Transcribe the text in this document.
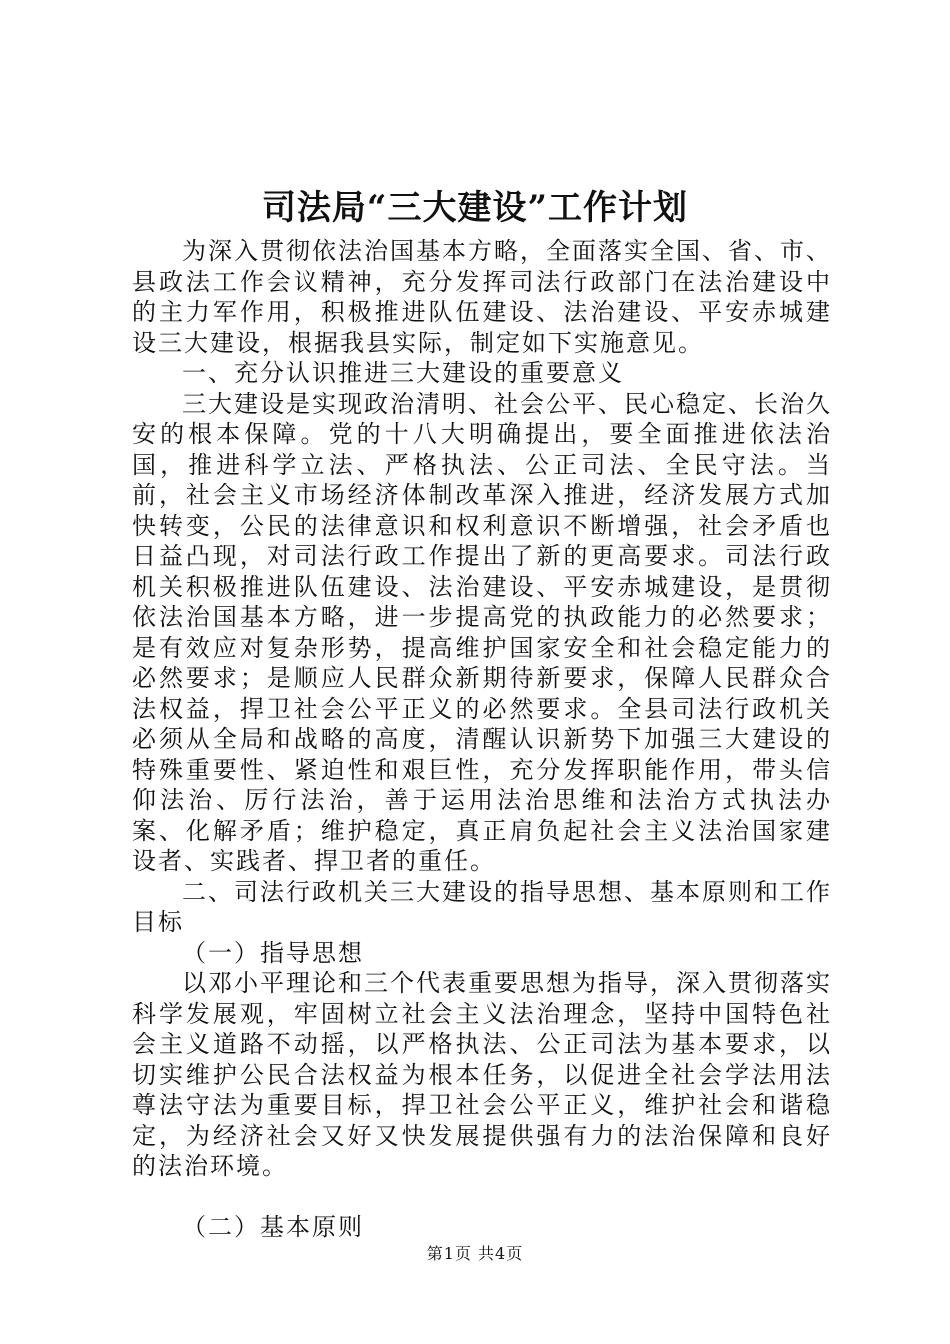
司法局“三大建设”工作计划

为深入贯彻依法治国基本方略，全面落实全国、省、市、县政法工作会议精神，充分发挥司法行政部门在法治建设中的主力军作用，积极推进队伍建设、法治建设、平安赤城建设三大建设，根据我县实际，制定如下实施意见。

一、充分认识推进三大建设的重要意义

三大建设是实现政治清明、社会公平、民心稳定、长治久安的根本保障。党的十八大明确提出，要全面推进依法治国，推进科学立法、严格执法、公正司法、全民守法。当前，社会主义市场经济体制改革深入推进，经济发展方式加快转变，公民的法律意识和权利意识不断增强，社会矛盾也日益凸现，对司法行政工作提出了新的更高要求。司法行政机关积极推进队伍建设、法治建设、平安赤城建设，是贯彻依法治国基本方略，进一步提高党的执政能力的必然要求；是有效应对复杂形势，提高维护国家安全和社会稳定能力的必然要求；是顺应人民群众新期待新要求，保障人民群众合法权益，捍卫社会公平正义的必然要求。全县司法行政机关必须从全局和战略的高度，清醒认识新势下加强三大建设的特殊重要性、紧迫性和艰巨性，充分发挥职能作用，带头信仰法治、厉行法治，善于运用法治思维和法治方式执法办案、化解矛盾；维护稳定，真正肩负起社会主义法治国家建设者、实践者、捍卫者的重任。

二、司法行政机关三大建设的指导思想、基本原则和工作目标

（一）指导思想

以邓小平理论和三个代表重要思想为指导，深入贯彻落实科学发展观，牢固树立社会主义法治理念，坚持中国特色社会主义道路不动摇，以严格执法、公正司法为基本要求，以切实维护公民合法权益为根本任务，以促进全社会学法用法尊法守法为重要目标，捍卫社会公平正义，维护社会和谐稳定，为经济社会又好又快发展提供强有力的法治保障和良好的法治环境。

（二）基本原则

第1页 共4页
